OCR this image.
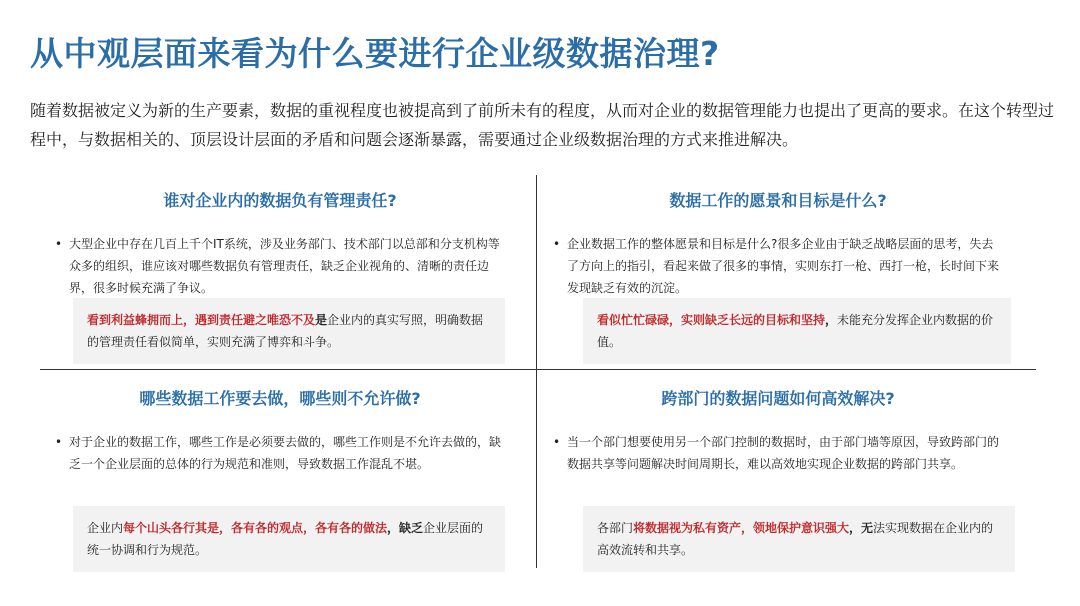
从中观层面来看为什么要进行企业级数据治理?
随着数据被定义为新的生产要素，数据的重视程度也被提高到了前所未有的程度，从而对企业的数据管理能力也提出了更高的要求。在这个转型过程中，与数据相关的、顶层设计层面的矛盾和问题会逐渐暴露，需要通过企业级数据治理的方式来推进解决。
谁对企业内的数据负有管理责任?
• 大型企业中存在几百上千个IT系统，涉及业务部门、技术部门以总部和分支机构等众多的组织，谁应该对哪些数据负有管理责任，缺乏企业视角的、清晰的责任边界，很多时候充满了争议。
看到利益蜂拥而上，遇到责任避之唯恐不及是企业内的真实写照，明确数据的管理责任看似简单，实则充满了博弈和斗争。
数据工作的愿景和目标是什么?
• 企业数据工作的整体愿景和目标是什么?很多企业由于缺乏战略层面的思考，失去了方向上的指引，看起来做了很多的事情，实则东打一枪、西打一枪，长时间下来发现缺乏有效的沉淀。
看似忙忙碌碌，实则缺乏长远的目标和坚持，未能充分发挥企业内数据的价值。
哪些数据工作要去做，哪些则不允许做?
• 对于企业的数据工作，哪些工作是必须要去做的，哪些工作则是不允许去做的，缺乏一个企业层面的总体的行为规范和准则，导致数据工作混乱不堪。
企业内每个山头各行其是，各有各的观点，各有各的做法，缺乏企业层面的统一协调和行为规范。
跨部门的数据问题如何高效解决?
• 当一个部门想要使用另一个部门控制的数据时，由于部门墙等原因，导致跨部门的数据共享等问题解决时间周期长，难以高效地实现企业数据的跨部门共享。
各部门将数据视为私有资产，领地保护意识强大，无法实现数据在企业内的高效流转和共享。
